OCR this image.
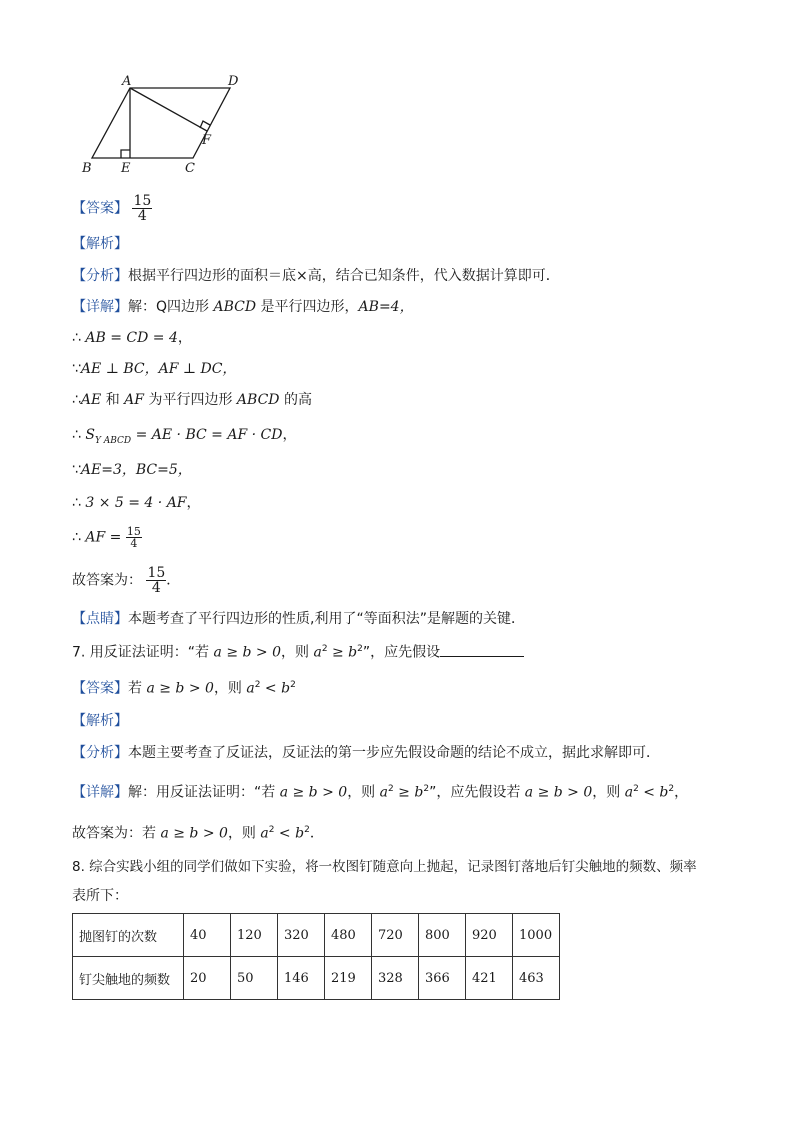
A	D
F
B E	C
【答案】 $\frac{15}{4}$
【解析】
【分析】根据平行四边形的面积＝底×高，结合已知条件，代入数据计算即可．
【详解】解：Q四边形 ABCD 是平行四边形，AB=4，
∴ AB = CD = 4，
∵AE ⊥ BC，AF ⊥ DC，
∴AE 和 AF 为平行四边形 ABCD 的高
∴ $S_{Y ABCD}$ = AE · BC = AF · CD，
∵AE=3，BC=5，
∴ 3 × 5 = 4 · AF，
∴ AF = $\frac{15}{4}$
故答案为： $\frac{15}{4}$ ．
【点睛】本题考查了平行四边形的性质,利用了“等面积法”是解题的关键．
7. 用反证法证明：“若 a ≥ b > 0，则 $a^2 \ge b^2$”，应先假设
【答案】若 a ≥ b > 0，则 $a^2 < b^2$
【解析】
【分析】本题主要考查了反证法，反证法的第一步应先假设命题的结论不成立，据此求解即可．
【详解】解：用反证法证明：“若 a ≥ b > 0，则 $a^2 \ge b^2$”，应先假设若 a ≥ b > 0，则 $a^2 < b^2$，
故答案为：若 a ≥ b > 0，则 $a^2 < b^2$．
8. 综合实践小组的同学们做如下实验，将一枚图钉随意向上抛起，记录图钉落地后钉尖触地的频数、频率
表所下：
抛图钉的次数	40	120	320	480	720	800	920	1000
钉尖触地的频数	20	50	146	219	328	366	421	463
